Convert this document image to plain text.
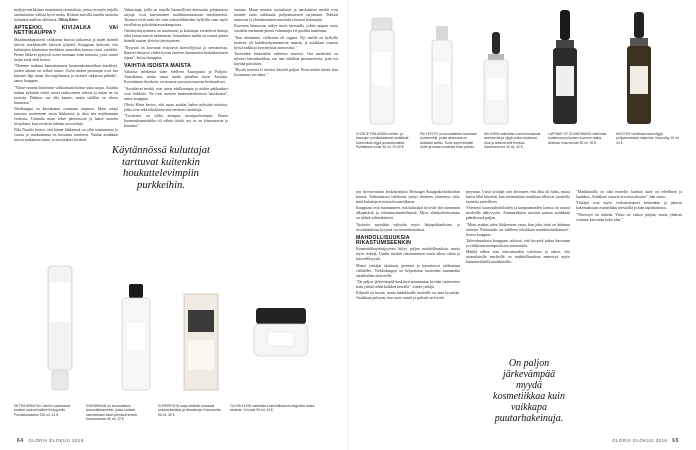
maljoja merkkiinsa mainituista ravintolista, joissa on myös tarjolla ranskalaisten välissä hyvä ruoka. Kolmin sinisillä tasoilla tuotteita kylmässä mallien säiliöissä. Olivia Klein

APTEEKKI, KIVIJALKA VAI NETTIKAUPPA?

Maailmanlaajuisesti valikoima kasvaa jatkuvasti ja uudet brändit tulevat markkinoille harvoin tyhjästä. Kauppiaat kertovat, että kuluttajien kiinnostus merkkien taustoihin kasvaa vuosi vuodelta. Pienet liikkeet pystyvät usein tuomaan esiin tarinoita, joita suuret ketjut eivät ehdi kertoa.

"Olemme mukana kannattamassa luonnonkosmetiikan merkkejä, joiden takana on selkeä tarina. Usein niiden perustajat ovat itse käyneet läpi oman iho-ongelmansa ja etsineet ratkaisua pitkään", sanoo kauppias.

"Viime vuonna lisäsimme valikoimaan kolme uutta sarjaa. Asiakas haluaa nykyään tietää, mistä raaka-aineet tulevat ja miten ne on tuotettu. Pakkaus saa olla kaunis, mutta sisällön on oltava kunnossa."

Nettikauppa on kasvattanut osuuttaan nopeasti. Moni ostaja tutustuu tuotteeseen ensin liikkeessä ja tilaa sen myöhemmin verkosta. Toisaalta moni tekee päinvastoin ja hakee tuotetta kivijalasta, kun on ensin lukenut arvosteluja.

Niki Nuutila kertoo, että hänen liikkeensä on ollut toiminnassa jo vuosia ja asiakaskunta on kasvanut tasaisesti. Vanhat asiakkaat tuovat mukanaan uusia, ja suositukset leviävät.

Valmistajat, joilla on tarjolla luonnollisiin ainesosiin pohjautuvia sarjoja, ovat kasvattaneet markkinaosuuttaan merkittävästi. Tuotteet eivät enää ole vain erikoisliikkeiden hyllyillä vaan myös tavallisissa päivittäistavarakaupoissa.

Ostokäyttäytyminen on muuttunut, ja kuluttajat vertailevat hintoja sekä laatua entistä tarkemmin. Sosiaalinen media on tuonut pienet brändit suuren yleisön tietoisuuteen.

"Kysyntä on kasvanut erityisesti kasvoöljyissä ja seerumeissa. Ihmiset haluavat yhden hyvän tuotteen kymmenen keskinkertaisen sijaan", kertoo kauppias.

VAIHTIA ISOISTA MAISTA

Valtaosa merkeistä tulee edelleen Euroopasta ja Pohjois-Amerikasta, mutta uusia tuulia puhaltaa myös Aasiasta. Korealainen ihonhoito on noussut suosioon nuorten keskuudessa.

"Aasialaiset merkit ovat usein edullisempia ja niiden pakkaukset ovat leikkisiä. Ne ovat tuoneet kauneudenhoitoon hauskuutta", sanoo kauppias.

Olivia Klein kertoo, että moni asiakas hakee nykyään tuotteita, jotka ovat sekä tehokkaita että eettisesti tuotettuja.

"Tuotteista on tullut aiempaa monipuolisempia. Ennen luonnonkosmetiikka oli vähän tylsää, nyt se on kiinnostavaa ja kaunista."

rantaan. Muun muassa ruotsalaiset ja tanskalaiset merkit ovat tuoneet uutta raikkautta pohjoismaiseen tarjontaan. Puhtaat ainesosat ja yksinkertainen muotoilu vetoavat kuluttajiin.

Kasvanut kiinnostus näkyy myös messuilla, joihin saapuu vuosi vuodelta enemmän pieniä valmistajia eri puolilta maailmaa.

"Kun aloitimme, valikoima oli suppea. Nyt meillä on hyllyillä tuotteita yli kahdestakymmenestä maasta, ja asiakkaat osaavat kysyä tarkkoja kysymyksiä ainesosista."

Tuotteiden hinnoittelu vaihtelee suuresti. Osa merkeistä on selvästi luksusluokkaa, osa taas edullisia perustuotteita, joita voi käyttää päivittäin.

"Hyvää tuotetta ei tarvitse käyttää paljon. Pieni määrä riittää, kun koostumus on oikea."

Käytännössä kuluttajat tarttuvat kuitenkin houkuttelevimpiin purkkeihin.
DETRA ARBUTIN -merkin vaahtoavat tuotteet sopivat kaikille ihotyypeille. Puhdistusvaahto 150 ml, 24 €.
SNOWMANN on suomalainen kosmetiikkamerkki, jonka tuotteet valmistetaan käsin pienissä erissä. Kasvonaamio 50 ml, 32 €.
SUPERFOOD-sarja sisältää runsaasti antioksidantteja ja vitamiineja. Kasvovoide 50 ml, 36 €.
OLIVIA KLEIN valmistaa kosmetiikkaa ekologisista raaka-aineista. Yövoide 50 ml, 44 €.
64 GLORIA ELOKUU 2016
CHOICE FINLANDIN meikin- ja kasvojen puhdistusaineet sisältävät luonnollisia öljyjä ja kasviuutteita. Puhdistava voide 30 ml, 29,90 €.
PAI HÖYTÖ on suomalainen laadukas tuotemerkki, jonka ainesosat on tarkkaan valittu. Tuote sopii herkälle iholle ja antaa kosteutta koko päivän.
NIKI NEW valmistaa luonnonmukaisia seerumeita ja öljyjä, jotka ravitsevat ihoa ja antavat sille hehkua. Kasvoseerumi 30 ml, 42 €.
LAPONIE OF SCANDINAVIA valmistaa tuotteensa pohjoisen luonnon raaka-aineista. Kasvovoide 50 ml, 39 €.
NAIVTER valmistaa kasvoöljyjä pohjoismaisista marjoista. Kasvoöljy 15 ml, 34 €.

tyn hyvinvoinnin keskittymässä Helsingin Kauppakorkeakoulun kanssa. Tutkimuksen tuloksena syntyi yhteinen ymmärrys siitä, mitä kuluttaja arvostaa kosmetiikassa.

Kauppiaat ovat huomanneet, että kuluttajat kysyvät yhä useammin alkuperästä ja valmistusmenetelmistä. Myös eläinkokeettomuus on tärkeä valintakriteeri.

Tuotteita myydään nykyään myös lahjapakkauksina, ja sesonkiaikoina kysyntä voi moninkertaistua.

MAHDOLLISUUKSIA RIKASTUMISEENKIN

Kosmetiikkayrittäjyyteen liittyy paljon mahdollisuuksia, mutta myös riskejä. Uuden merkin rakentaminen vaatii aikaa, rahaa ja kärsivällisyyttä.

Monet yrittäjät aloittavat pienestä ja kasvattavat valikoimaa vähitellen. Verkkokauppa on helpottanut tuotteiden saattamista asiakkaiden ulottuville.

"On paljon järkevämpää keskittyä muutamaan hyvään tuotteeseen kuin yrittää tehdä kaikkea kerralla", toteaa yrittäjä.

Kilpailu on kovaa, mutta laadukkaille tuotteille on aina kysyntää. Asiakkaat palaavat, kun tuote toimii ja palvelu on hyvää.

myynnin. Useat yrittäjät ovat kertoneet, että alku oli hidas, mutta kasvu lähti käyntiin, kun ensimmäiset asiakkaat alkoivat suositella tuotteita ystävilleen.

Yhteistyö kauneushoitoloiden ja kampaamoiden kanssa on tuonut merkeille näkyvyyttä. Ammattilaisen suositus painaa asiakkaan päätöksessä paljon.

"Moni asiakas tulee liikkeeseen vasta, kun joku tuttu on kehunut tuotetta. Puskaradio on edelleen tehokkain markkinointikanava", kertoo kauppias.

Tulevaisuudessa kauppiaat uskovat, että kysyntä jatkaa kasvuaan ja valikoima monipuolistuu entisestään.

Mattila näkee alan tulevaisuuden valoisana ja uskoo, että suomalaisilla merkeillä on mahdollisuuksia menestyä myös kansainvälisillä markkinoilla.

"Markkinoilla on tilaa monelle, kunhan tuote on rehellinen ja laadukas. Asiakkaat osaavat arvostaa aitoutta", hän sanoo.

Yrittäjät ovat myös verkostoituneet keskenään ja jakavat kokemuksiaan esimerkiksi messuilla ja alan tapahtumissa.

"Yhteistyö on tärkeää. Yksin on vaikea pärjätä, mutta yhdessä voimme kasvattaa koko alaa."

On paljon järkevämpää myydä kosmetiikkaa kuin vaikkapa puutarhakeinuja.
GLORIA ELOKUU 2016 65
